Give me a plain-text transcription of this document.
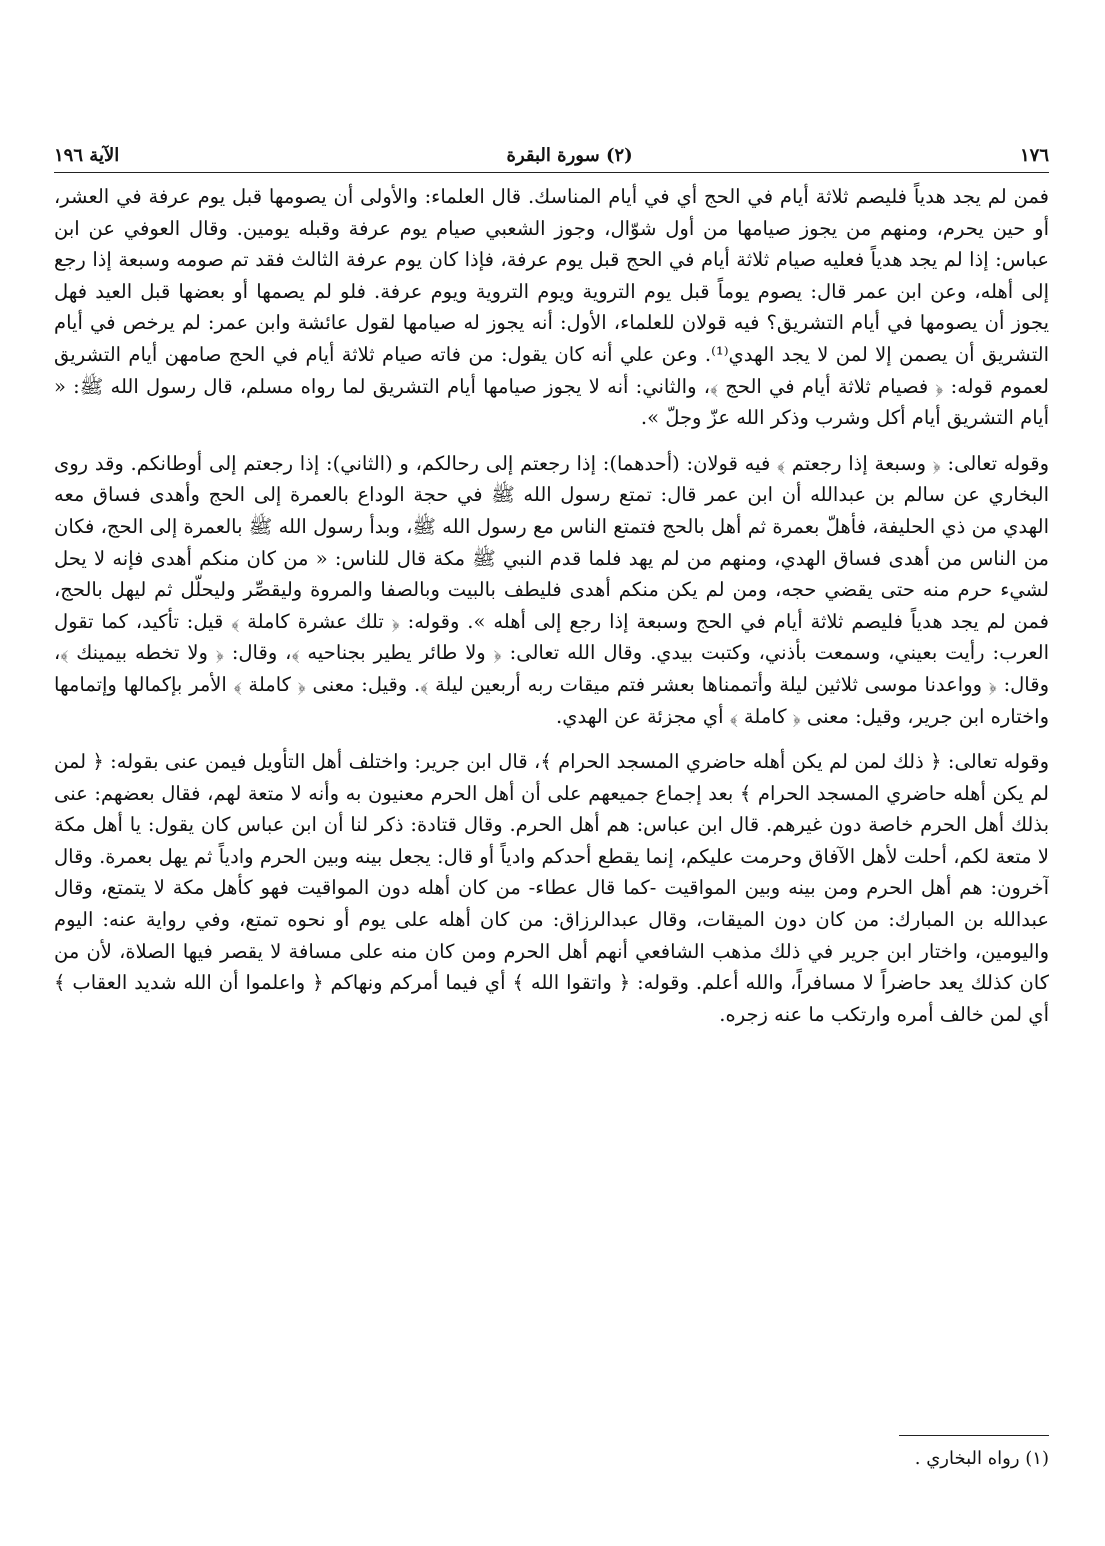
١٧٦
(٢) سورة البقرة
الآية ١٩٦

فمن لم يجد هدياً فليصم ثلاثة أيام في الحج أي في أيام المناسك. قال العلماء: والأولى أن يصومها قبل يوم عرفة في العشر، أو حين يحرم، ومنهم من يجوز صيامها من أول شوّال، وجوز الشعبي صيام يوم عرفة وقبله يومين. وقال العوفي عن ابن عباس: إذا لم يجد هدياً فعليه صيام ثلاثة أيام في الحج قبل يوم عرفة، فإذا كان يوم عرفة الثالث فقد تم صومه وسبعة إذا رجع إلى أهله، وعن ابن عمر قال: يصوم يوماً قبل يوم التروية ويوم التروية ويوم عرفة. فلو لم يصمها أو بعضها قبل العيد فهل يجوز أن يصومها في أيام التشريق؟ فيه قولان للعلماء، الأول: أنه يجوز له صيامها لقول عائشة وابن عمر: لم يرخص في أيام التشريق أن يصمن إلا لمن لا يجد الهدي⁽¹⁾. وعن علي أنه كان يقول: من فاته صيام ثلاثة أيام في الحج صامهن أيام التشريق لعموم قوله: ﴿ فصيام ثلاثة أيام في الحج ﴾، والثاني: أنه لا يجوز صيامها أيام التشريق لما رواه مسلم، قال رسول الله ﷺ: « أيام التشريق أيام أكل وشرب وذكر الله عزّ وجلّ ».

وقوله تعالى: ﴿ وسبعة إذا رجعتم ﴾ فيه قولان: (أحدهما): إذا رجعتم إلى رحالكم، و (الثاني): إذا رجعتم إلى أوطانكم. وقد روى البخاري عن سالم بن عبدالله أن ابن عمر قال: تمتع رسول الله ﷺ في حجة الوداع بالعمرة إلى الحج وأهدى فساق معه الهدي من ذي الحليفة، فأهلّ بعمرة ثم أهل بالحج فتمتع الناس مع رسول الله ﷺ، وبدأ رسول الله ﷺ بالعمرة إلى الحج، فكان من الناس من أهدى فساق الهدي، ومنهم من لم يهد فلما قدم النبي ﷺ مكة قال للناس: « من كان منكم أهدى فإنه لا يحل لشيء حرم منه حتى يقضي حجه، ومن لم يكن منكم أهدى فليطف بالبيت وبالصفا والمروة وليقصِّر وليحلّل ثم ليهل بالحج، فمن لم يجد هدياً فليصم ثلاثة أيام في الحج وسبعة إذا رجع إلى أهله ». وقوله: ﴿ تلك عشرة كاملة ﴾ قيل: تأكيد، كما تقول العرب: رأيت بعيني، وسمعت بأذني، وكتبت بيدي. وقال الله تعالى: ﴿ ولا طائر يطير بجناحيه ﴾، وقال: ﴿ ولا تخطه بيمينك ﴾، وقال: ﴿ وواعدنا موسى ثلاثين ليلة وأتممناها بعشر فتم ميقات ربه أربعين ليلة ﴾. وقيل: معنى ﴿ كاملة ﴾ الأمر بإكمالها وإتمامها واختاره ابن جرير، وقيل: معنى ﴿ كاملة ﴾ أي مجزئة عن الهدي.

وقوله تعالى: ﴿ ذلك لمن لم يكن أهله حاضري المسجد الحرام ﴾، قال ابن جرير: واختلف أهل التأويل فيمن عنى بقوله: ﴿ لمن لم يكن أهله حاضري المسجد الحرام ﴾ بعد إجماع جميعهم على أن أهل الحرم معنيون به وأنه لا متعة لهم، فقال بعضهم: عنى بذلك أهل الحرم خاصة دون غيرهم. قال ابن عباس: هم أهل الحرم. وقال قتادة: ذكر لنا أن ابن عباس كان يقول: يا أهل مكة لا متعة لكم، أحلت لأهل الآفاق وحرمت عليكم، إنما يقطع أحدكم وادياً أو قال: يجعل بينه وبين الحرم وادياً ثم يهل بعمرة. وقال آخرون: هم أهل الحرم ومن بينه وبين المواقيت -كما قال عطاء- من كان أهله دون المواقيت فهو كأهل مكة لا يتمتع، وقال عبدالله بن المبارك: من كان دون الميقات، وقال عبدالرزاق: من كان أهله على يوم أو نحوه تمتع، وفي رواية عنه: اليوم واليومين، واختار ابن جرير في ذلك مذهب الشافعي أنهم أهل الحرم ومن كان منه على مسافة لا يقصر فيها الصلاة، لأن من كان كذلك يعد حاضراً لا مسافراً، والله أعلم. وقوله: ﴿ واتقوا الله ﴾ أي فيما أمركم ونهاكم ﴿ واعلموا أن الله شديد العقاب ﴾ أي لمن خالف أمره وارتكب ما عنه زجره.

(١) رواه البخاري .
